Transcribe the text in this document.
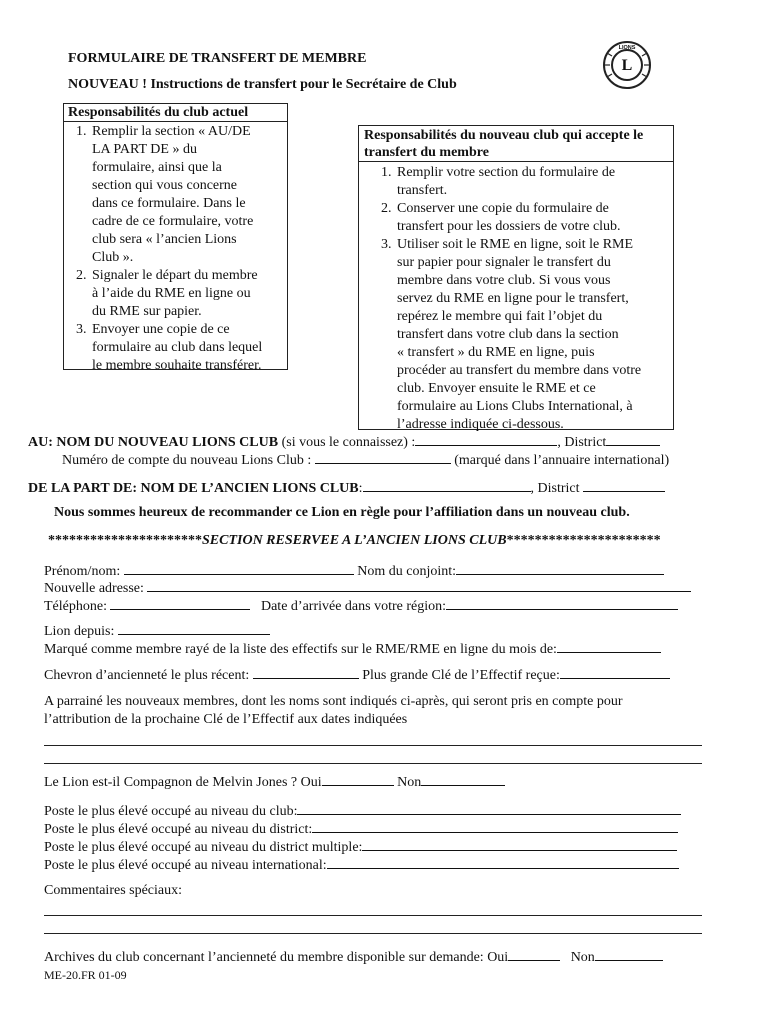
FORMULAIRE DE TRANSFERT DE MEMBRE
NOUVEAU ! Instructions de transfert pour le Secrétaire de Club
L
LIONS
Responsabilités du club actuel
1. Remplir la section « AU/DE
LA PART DE » du
formulaire, ainsi que la
section qui vous concerne
dans ce formulaire. Dans le
cadre de ce formulaire, votre
club sera « l’ancien Lions
Club ».
2. Signaler le départ du membre
à l’aide du RME en ligne ou
du RME sur papier.
3. Envoyer une copie de ce
formulaire au club dans lequel
le membre souhaite transférer.
Responsabilités du nouveau club qui accepte le
transfert du membre
1. Remplir votre section du formulaire de
transfert.
2. Conserver une copie du formulaire de
transfert pour les dossiers de votre club.
3. Utiliser soit le RME en ligne, soit le RME
sur papier pour signaler le transfert du
membre dans votre club. Si vous vous
servez du RME en ligne pour le transfert,
repérez le membre qui fait l’objet du
transfert dans votre club dans la section
« transfert » du RME en ligne, puis
procéder au transfert du membre dans votre
club. Envoyer ensuite le RME et ce
formulaire au Lions Clubs International, à
l’adresse indiquée ci-dessous.
AU: NOM DU NOUVEAU LIONS CLUB (si vous le connaissez) :	, District
Numéro de compte du nouveau Lions Club :	(marqué dans l’annuaire international)
DE LA PART DE: NOM DE L’ANCIEN LIONS CLUB:	, District
Nous sommes heureux de recommander ce Lion en règle pour l’affiliation dans un nouveau club.
**********************SECTION RESERVEE A L’ANCIEN LIONS CLUB**********************
Prénom/nom:	Nom du conjoint:
Nouvelle adresse:
Téléphone:	Date d’arrivée dans votre région:
Lion depuis:
Marqué comme membre rayé de la liste des effectifs sur le RME/RME en ligne du mois de:
Chevron d’ancienneté le plus récent:	Plus grande Clé de l’Effectif reçue:
A parrainé les nouveaux membres, dont les noms sont indiqués ci-après, qui seront pris en compte pour
l’attribution de la prochaine Clé de l’Effectif aux dates indiquées
Le Lion est-il Compagnon de Melvin Jones ? Oui	Non
Poste le plus élevé occupé au niveau du club:
Poste le plus élevé occupé au niveau du district:
Poste le plus élevé occupé au niveau du district multiple:
Poste le plus élevé occupé au niveau international:
Commentaires spéciaux:
Archives du club concernant l’ancienneté du membre disponible sur demande: Oui	Non
ME-20.FR 01-09
